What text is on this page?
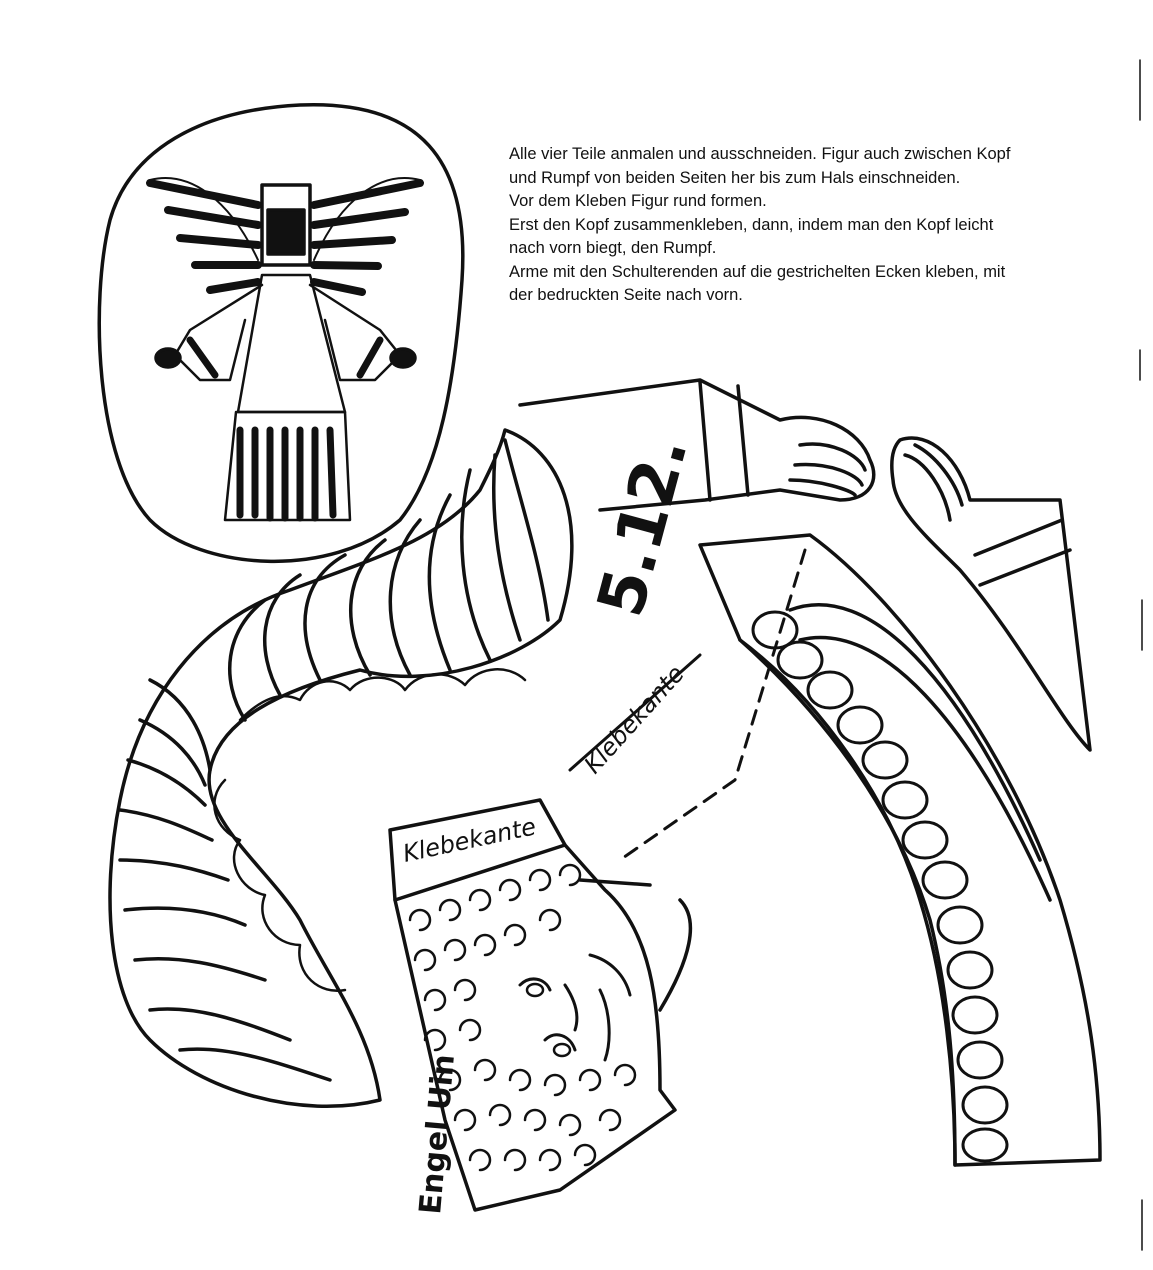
Alle vier Teile anmalen und ausschneiden. Figur auch zwischen Kopf
und Rumpf von beiden Seiten her bis zum Hals einschneiden.
Vor dem Kleben Figur rund formen.
Erst den Kopf zusammenkleben, dann, indem man den Kopf leicht
nach vorn biegt, den Rumpf.
Arme mit den Schulterenden auf die gestrichelten Ecken kleben, mit
der bedruckten Seite nach vorn.
5.12.
Klebekante
Klebekante
Engel Uin
